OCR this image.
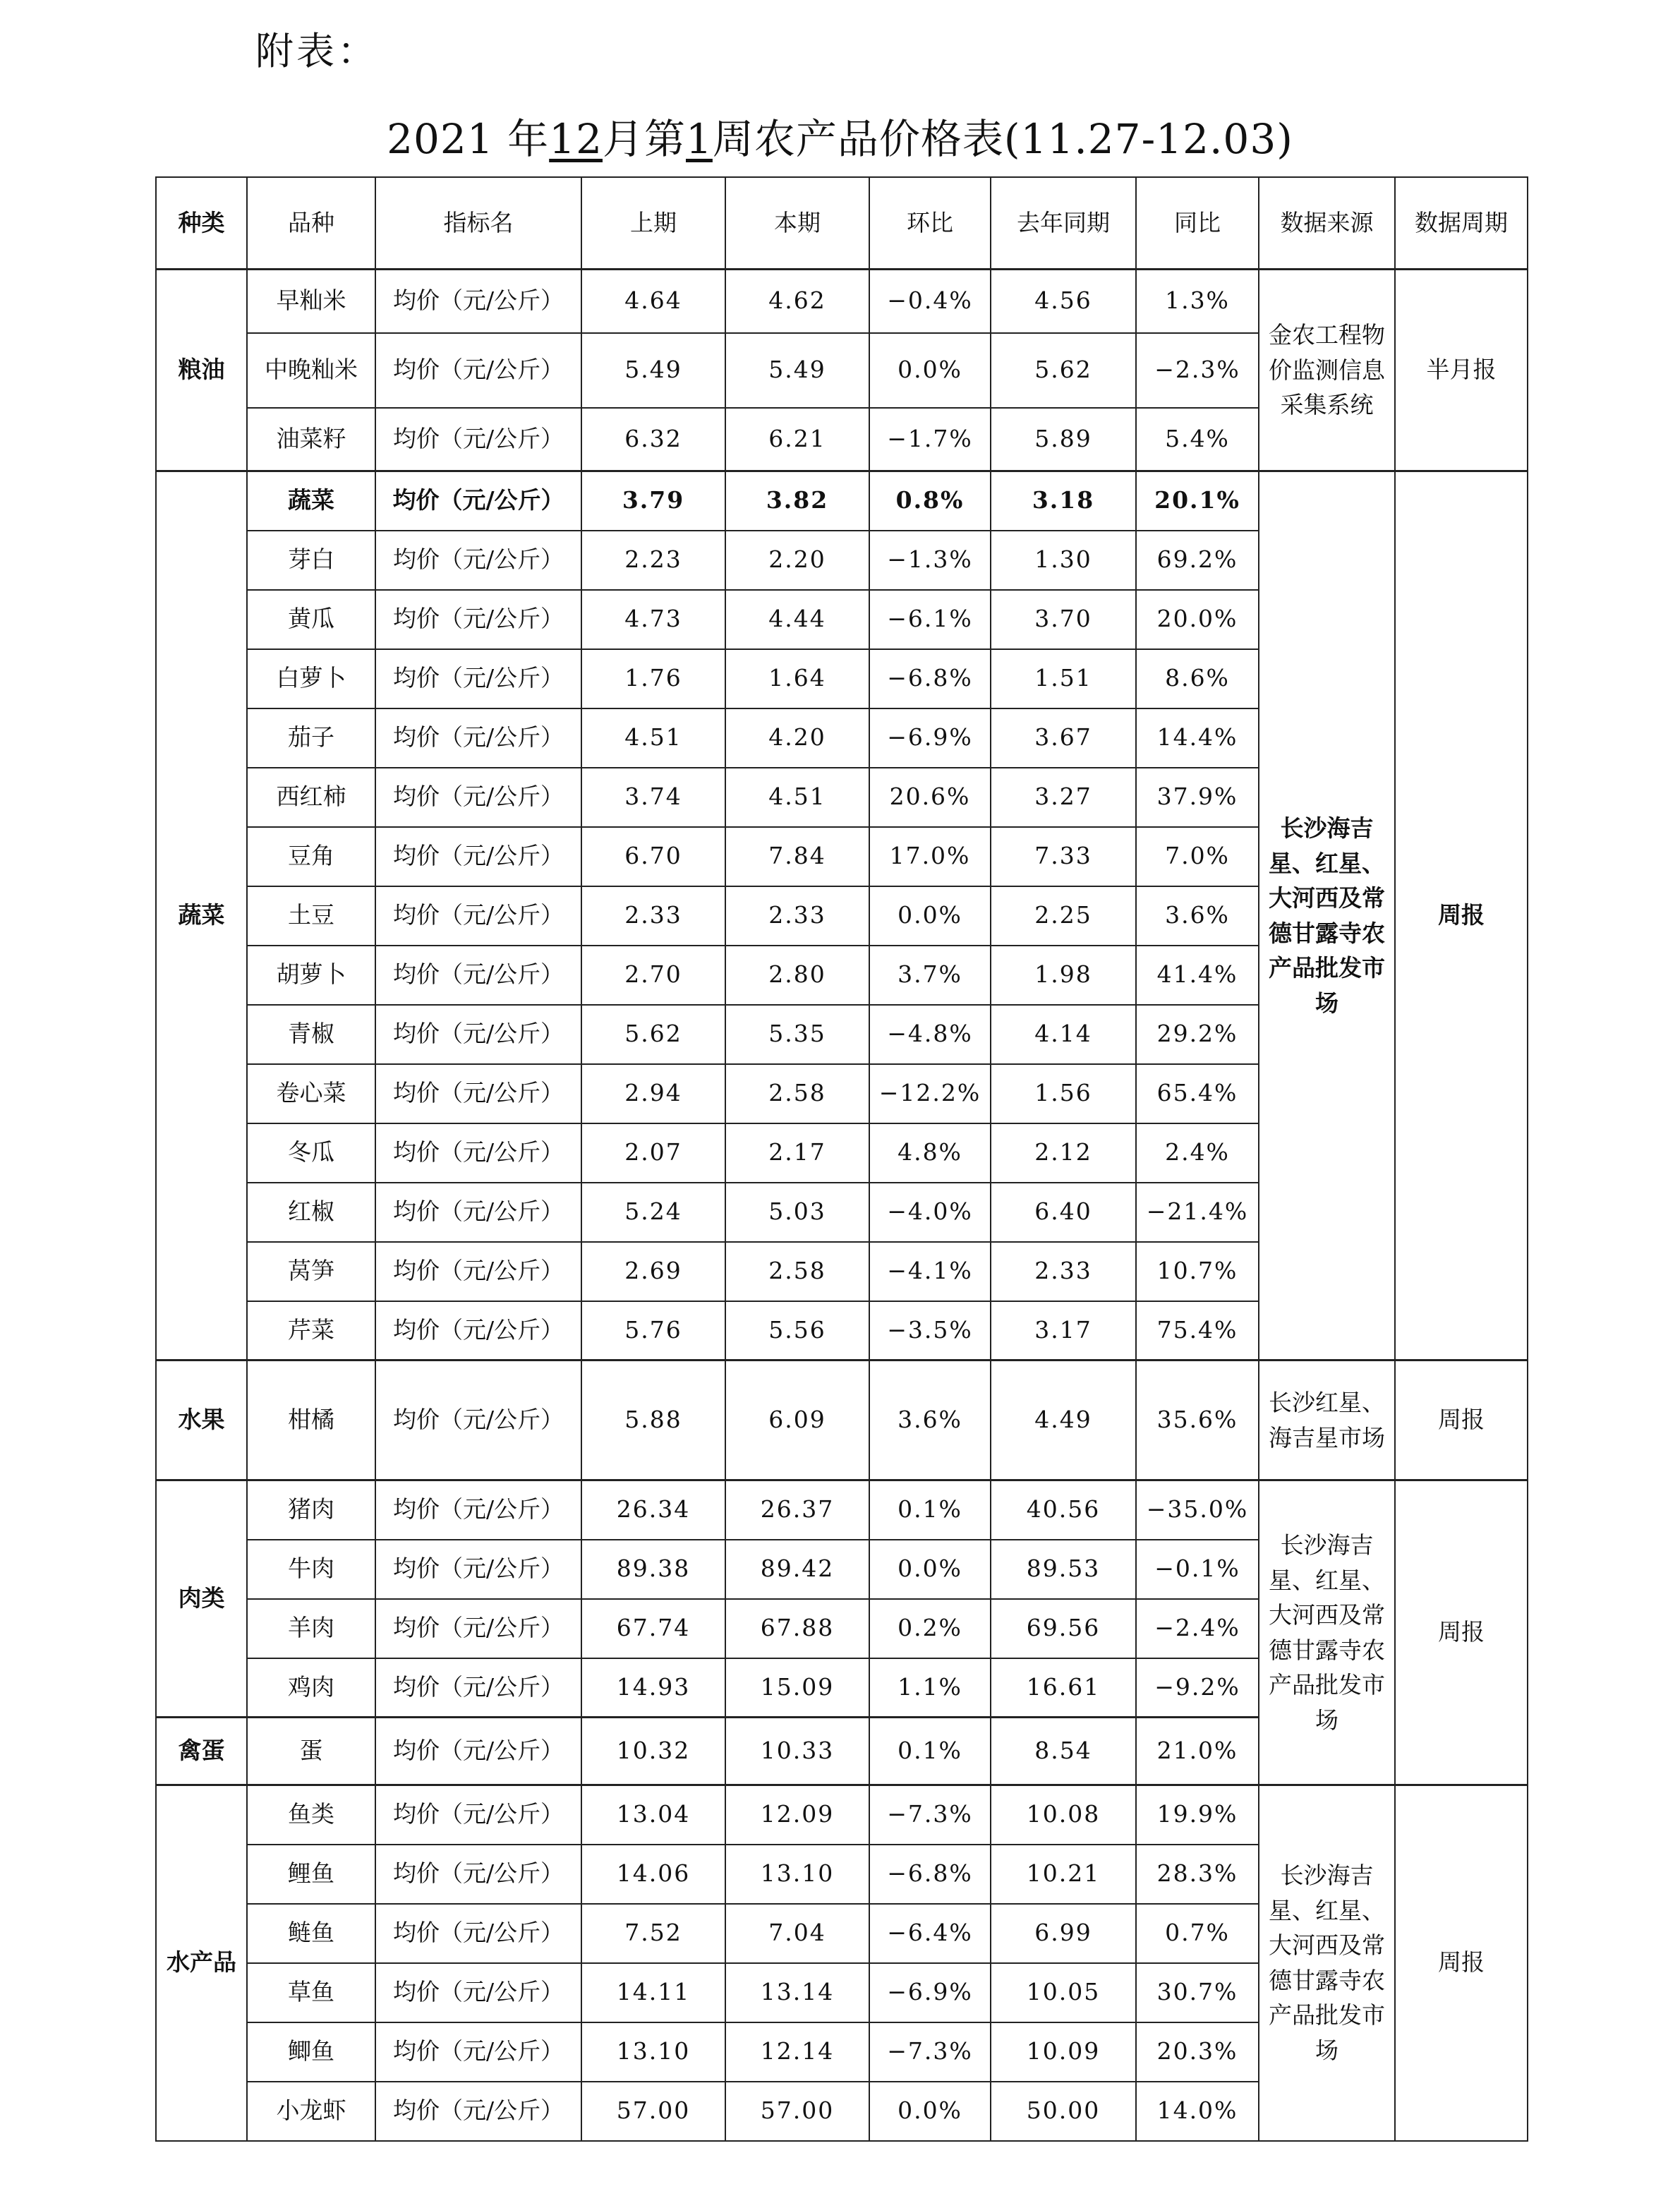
附表：
2021 年12月第1周农产品价格表(11.27-12.03)
种类	品种	指标名	上期	本期	环比	去年同期	同比	数据来源	数据周期
粮油	早籼米	均价（元/公斤）	4.64	4.62	−0.4%	4.56	1.3%	金农工程物价监测信息采集系统	半月报
	中晚籼米	均价（元/公斤）	5.49	5.49	0.0%	5.62	−2.3%		
	油菜籽	均价（元/公斤）	6.32	6.21	−1.7%	5.89	5.4%		
蔬菜	蔬菜	均价（元/公斤）	3.79	3.82	0.8%	3.18	20.1%	长沙海吉星、红星、大河西及常德甘露寺农产品批发市场	周报
	芽白	均价（元/公斤）	2.23	2.20	−1.3%	1.30	69.2%		
	黄瓜	均价（元/公斤）	4.73	4.44	−6.1%	3.70	20.0%		
	白萝卜	均价（元/公斤）	1.76	1.64	−6.8%	1.51	8.6%		
	茄子	均价（元/公斤）	4.51	4.20	−6.9%	3.67	14.4%		
	西红柿	均价（元/公斤）	3.74	4.51	20.6%	3.27	37.9%		
	豆角	均价（元/公斤）	6.70	7.84	17.0%	7.33	7.0%		
	土豆	均价（元/公斤）	2.33	2.33	0.0%	2.25	3.6%		
	胡萝卜	均价（元/公斤）	2.70	2.80	3.7%	1.98	41.4%		
	青椒	均价（元/公斤）	5.62	5.35	−4.8%	4.14	29.2%		
	卷心菜	均价（元/公斤）	2.94	2.58	−12.2%	1.56	65.4%		
	冬瓜	均价（元/公斤）	2.07	2.17	4.8%	2.12	2.4%		
	红椒	均价（元/公斤）	5.24	5.03	−4.0%	6.40	−21.4%		
	莴笋	均价（元/公斤）	2.69	2.58	−4.1%	2.33	10.7%		
	芹菜	均价（元/公斤）	5.76	5.56	−3.5%	3.17	75.4%		
水果	柑橘	均价（元/公斤）	5.88	6.09	3.6%	4.49	35.6%	长沙红星、海吉星市场	周报
肉类	猪肉	均价（元/公斤）	26.34	26.37	0.1%	40.56	−35.0%	长沙海吉星、红星、大河西及常德甘露寺农产品批发市场	周报
	牛肉	均价（元/公斤）	89.38	89.42	0.0%	89.53	−0.1%		
	羊肉	均价（元/公斤）	67.74	67.88	0.2%	69.56	−2.4%		
	鸡肉	均价（元/公斤）	14.93	15.09	1.1%	16.61	−9.2%		
禽蛋	蛋	均价（元/公斤）	10.32	10.33	0.1%	8.54	21.0%		
水产品	鱼类	均价（元/公斤）	13.04	12.09	−7.3%	10.08	19.9%	长沙海吉星、红星、大河西及常德甘露寺农产品批发市场	周报
	鲤鱼	均价（元/公斤）	14.06	13.10	−6.8%	10.21	28.3%		
	鲢鱼	均价（元/公斤）	7.52	7.04	−6.4%	6.99	0.7%		
	草鱼	均价（元/公斤）	14.11	13.14	−6.9%	10.05	30.7%		
	鲫鱼	均价（元/公斤）	13.10	12.14	−7.3%	10.09	20.3%		
	小龙虾	均价（元/公斤）	57.00	57.00	0.0%	50.00	14.0%		
